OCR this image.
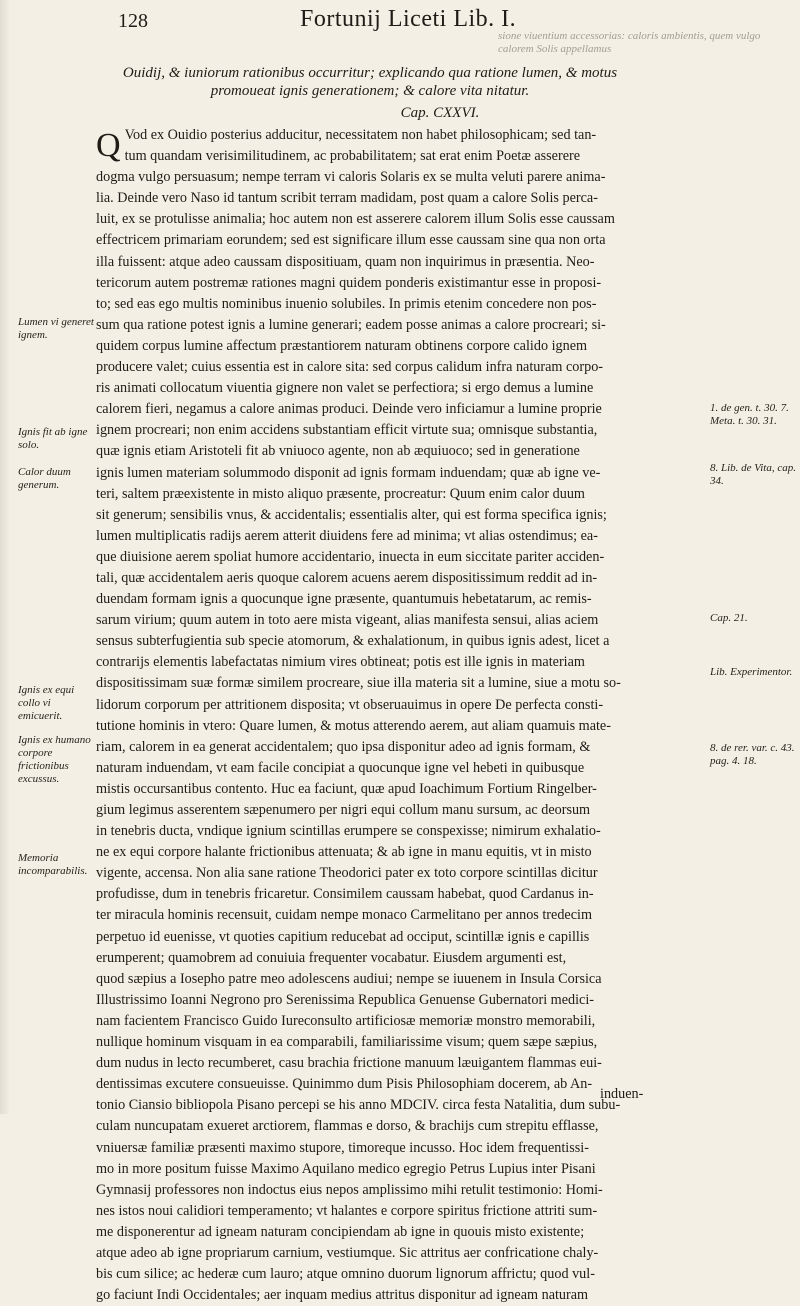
sione viuentium accessorias: caloris ambientis, quem vulgo calorem Solis appellamus
128	Fortunij Liceti Lib. I.
Ouidij, & iuniorum rationibus occurritur; explicando qua ratione lumen, & motus
promoueat ignis generationem; & calore vita nitatur.
Cap. CXXVI.
Q Vod ex Ouidio posterius adducitur, necessitatem non habet philosophicam; sed tan-
tum quandam verisimilitudinem, ac probabilitatem; sat erat enim Poetæ asserere
dogma vulgo persuasum; nempe terram vi caloris Solaris ex se multa veluti parere anima-
lia. Deinde vero Naso id tantum scribit terram madidam, post quam a calore Solis perca-
luit, ex se protulisse animalia; hoc autem non est asserere calorem illum Solis esse caussam
effectricem primariam eorundem; sed est significare illum esse caussam sine qua non orta
illa fuissent: atque adeo caussam dispositiuam, quam non inquirimus in præsentia. Neo-
tericorum autem postremæ rationes magni quidem ponderis existimantur esse in proposi-
to; sed eas ego multis nominibus inuenio solubiles. In primis etenim concedere non pos-
sum qua ratione potest ignis a lumine generari; eadem posse animas a calore procreari; si-
quidem corpus lumine affectum præstantiorem naturam obtinens corpore calido ignem
producere valet; cuius essentia est in calore sita: sed corpus calidum infra naturam corpo-
ris animati collocatum viuentia gignere non valet se perfectiora; si ergo demus a lumine
calorem fieri, negamus a calore animas produci. Deinde vero inficiamur a lumine proprie
ignem procreari; non enim accidens substantiam efficit virtute sua; omnisque substantia,
quæ ignis etiam Aristoteli fit ab vniuoco agente, non ab æquiuoco; sed in generatione
ignis lumen materiam solummodo disponit ad ignis formam induendam; quæ ab igne ve-
teri, saltem præexistente in misto aliquo præsente, procreatur: Quum enim calor duum
sit generum; sensibilis vnus, & accidentalis; essentialis alter, qui est forma specifica ignis;
lumen multiplicatis radijs aerem atterit diuidens fere ad minima; vt alias ostendimus; ea-
que diuisione aerem spoliat humore accidentario, inuecta in eum siccitate pariter acciden-
tali, quæ accidentalem aeris quoque calorem acuens aerem dispositissimum reddit ad in-
duendam formam ignis a quocunque igne præsente, quantumuis hebetatarum, ac remis-
sarum virium; quum autem in toto aere mista vigeant, alias manifesta sensui, alias aciem
sensus subterfugientia sub specie atomorum, & exhalationum, in quibus ignis adest, licet a
contrarijs elementis labefactatas nimium vires obtineat; potis est ille ignis in materiam
dispositissimam suæ formæ similem procreare, siue illa materia sit a lumine, siue a motu so-
lidorum corporum per attritionem disposita; vt obseruauimus in opere De perfecta consti-
tutione hominis in vtero: Quare lumen, & motus atterendo aerem, aut aliam quamuis mate-
riam, calorem in ea generat accidentalem; quo ipsa disponitur adeo ad ignis formam, &
naturam induendam, vt eam facile concipiat a quocunque igne vel hebeti in quibusque
mistis occursantibus contento. Huc ea faciunt, quæ apud Ioachimum Fortium Ringelber-
gium legimus asserentem sæpenumero per nigri equi collum manu sursum, ac deorsum
in tenebris ducta, vndique ignium scintillas erumpere se conspexisse; nimirum exhalatio-
ne ex equi corpore halante frictionibus attenuata; & ab igne in manu equitis, vt in misto
vigente, accensa. Non alia sane ratione Theodorici pater ex toto corpore scintillas dicitur
profudisse, dum in tenebris fricaretur. Consimilem caussam habebat, quod Cardanus in-
ter miracula hominis recensuit, cuidam nempe monaco Carmelitano per annos tredecim
perpetuo id euenisse, vt quoties capitium reducebat ad occiput, scintillæ ignis e capillis
erumperent; quamobrem ad conuiuia frequenter vocabatur. Eiusdem argumenti est,
quod sæpius a Iosepho patre meo adolescens audiui; nempe se iuuenem in Insula Corsica
Illustrissimo Ioanni Negrono pro Serenissima Republica Genuense Gubernatori medici-
nam facientem Francisco Guido Iureconsulto artificiosæ memoriæ monstro memorabili,
nullique hominum visquam in ea comparabili, familiarissime visum; quem sæpe sæpius,
dum nudus in lecto recumberet, casu brachia frictione manuum læuigantem flammas eui-
dentissimas excutere consueuisse. Quinimmo dum Pisis Philosophiam docerem, ab An-
tonio Ciansio bibliopola Pisano percepi se his anno MDCIV. circa festa Natalitia, dum subu-
culam nuncupatam exueret arctiorem, flammas e dorso, & brachijs cum strepitu efflasse,
vniuersæ familiæ præsenti maximo stupore, timoreque incusso. Hoc idem frequentissi-
mo in more positum fuisse Maximo Aquilano medico egregio Petrus Lupius inter Pisani
Gymnasij professores non indoctus eius nepos amplissimo mihi retulit testimonio: Homi-
nes istos noui calidiori temperamento; vt halantes e corpore spiritus frictione attriti sum-
me disponerentur ad igneam naturam concipiendam ab igne in quouis misto existente;
atque adeo ab igne propriarum carnium, vestiumque. Sic attritus aer confricatione chaly-
bis cum silice; ac hederæ cum lauro; atque omnino duorum lignorum affrictu; quod vul-
go faciunt Indi Occidentales; aer inquam medius attritus disponitur ad igneam naturam
Lumen vi generet ignem.
Ignis fit ab igne solo.
Calor duum generum.
Ignis ex equi collo vi emicuerit.
Ignis ex humano corpore frictionibus excussus.
Memoria incomparabilis.
1. de gen. t. 30. 7. Meta. t. 30. 31.
8. Lib. de Vita, cap. 34.
Cap. 21.
Lib. Experimentor.
8. de rer. var. c. 43. pag. 4. 18.
induen-
